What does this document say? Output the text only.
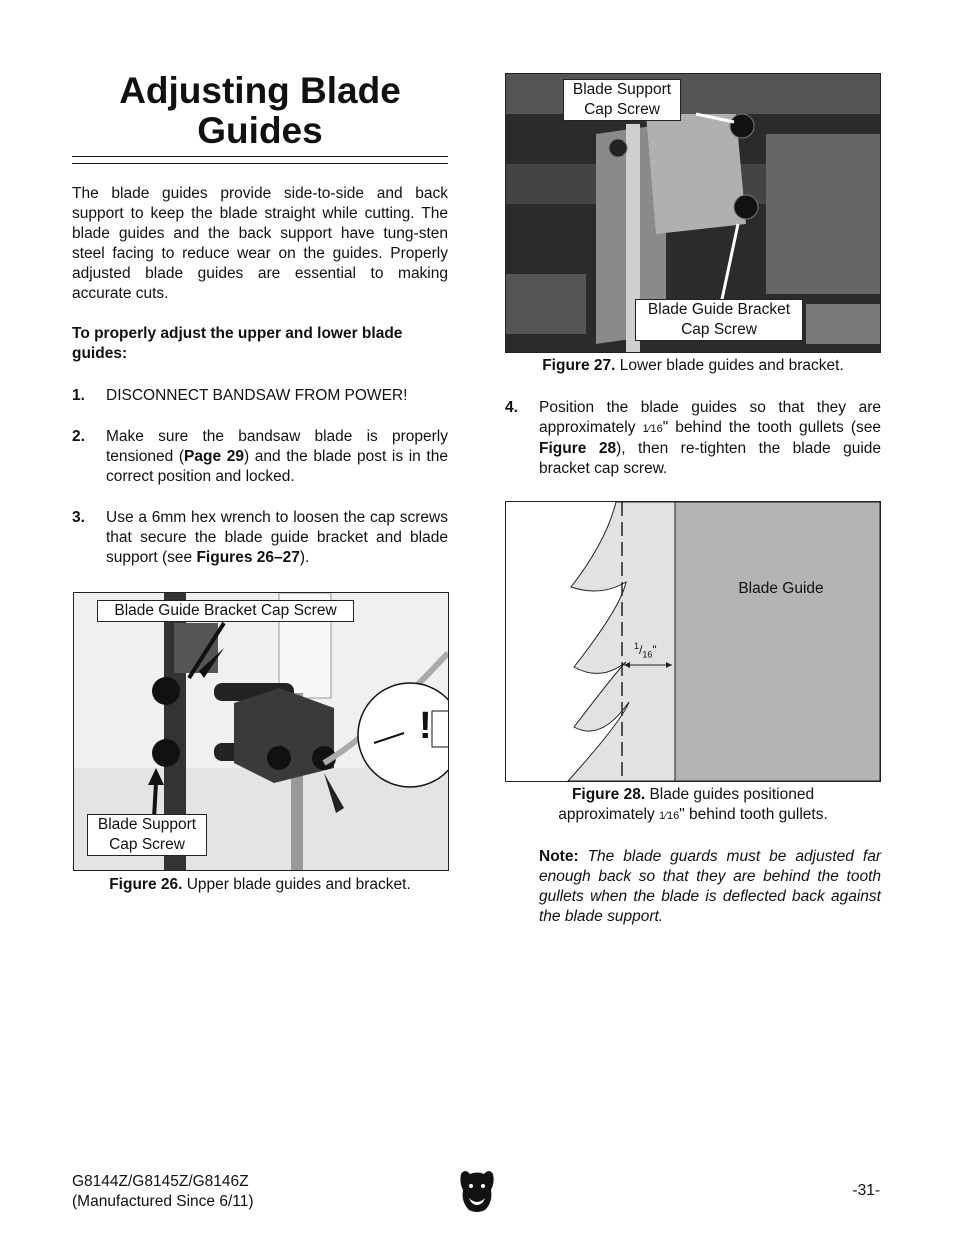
Adjusting Blade
Guides

The blade guides provide side-to-side and back support to keep the blade straight while cutting. The blade guides and the back support have tung-sten steel facing to reduce wear on the guides. Properly adjusted blade guides are essential to making accurate cuts.

To properly adjust the upper and lower blade guides:

1. DISCONNECT BANDSAW FROM POWER!
2. Make sure the bandsaw blade is properly tensioned (Page 29) and the blade post is in the correct position and locked.
3. Use a 6mm hex wrench to loosen the cap screws that secure the blade guide bracket and blade support (see Figures 26–27).
!
Blade Guide Bracket Cap Screw
Blade Support
Cap Screw

Figure 26. Upper blade guides and bracket.

Blade Support
Cap Screw
Blade Guide Bracket
Cap Screw

Figure 27. Lower blade guides and bracket.

4. Position the blade guides so that they are approximately 1⁄16" behind the tooth gullets (see Figure 28), then re-tighten the blade guide bracket cap screw.
Blade Guide
$^1/_{16}$"

Figure 28. Blade guides positioned
approximately 1⁄16" behind tooth gullets.

Note: The blade guards must be adjusted far enough back so that they are behind the tooth gullets when the blade is deflected back against the blade support.

G8144Z/G8145Z/G8146Z
(Manufactured Since 6/11)
-31-
